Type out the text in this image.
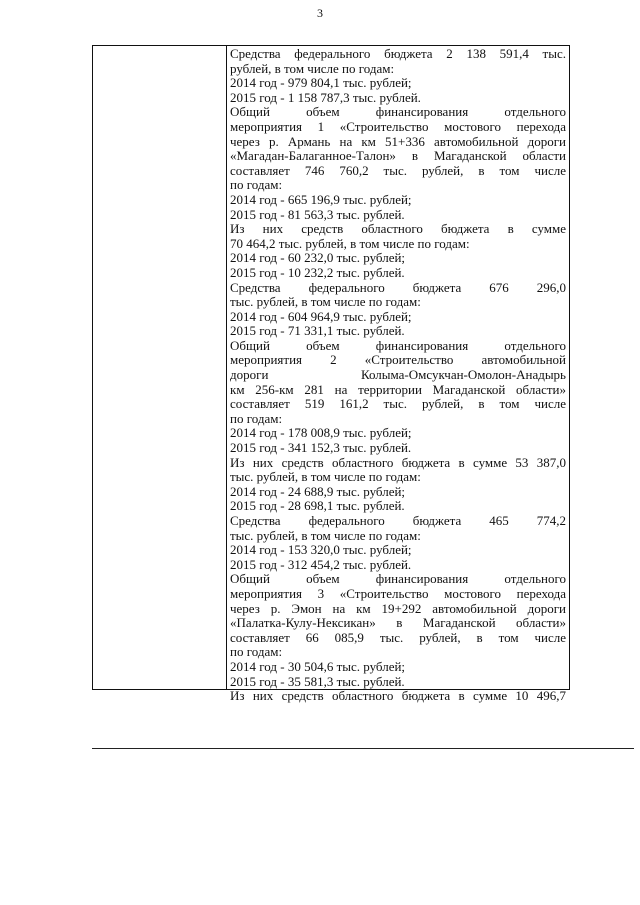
3
Средства федерального бюджета 2 138 591,4 тыс.
рублей, в том числе по годам:
2014 год - 979 804,1 тыс. рублей;
2015 год - 1 158 787,3 тыс. рублей.
Общий объем финансирования отдельного
мероприятия 1 «Строительство мостового перехода
через р. Армань на км 51+336 автомобильной дороги
«Магадан-Балаганное-Талон» в Магаданской области
составляет 746 760,2 тыс. рублей, в том числе
по годам:
2014 год - 665 196,9 тыс. рублей;
2015 год - 81 563,3 тыс. рублей.
Из них средств областного бюджета в сумме
70 464,2 тыс. рублей, в том числе по годам:
2014 год - 60 232,0 тыс. рублей;
2015 год - 10 232,2 тыс. рублей.
Средства федерального бюджета 676 296,0
тыс. рублей, в том числе по годам:
2014 год - 604 964,9 тыс. рублей;
2015 год - 71 331,1 тыс. рублей.
Общий объем финансирования отдельного
мероприятия 2 «Строительство автомобильной
дороги Колыма-Омсукчан-Омолон-Анадырь
км 256-км 281 на территории Магаданской области»
составляет 519 161,2 тыс. рублей, в том числе
по годам:
2014 год - 178 008,9 тыс. рублей;
2015 год - 341 152,3 тыс. рублей.
Из них средств областного бюджета в сумме 53 387,0
тыс. рублей, в том числе по годам:
2014 год - 24 688,9 тыс. рублей;
2015 год - 28 698,1 тыс. рублей.
Средства федерального бюджета 465 774,2
тыс. рублей, в том числе по годам:
2014 год - 153 320,0 тыс. рублей;
2015 год - 312 454,2 тыс. рублей.
Общий объем финансирования отдельного
мероприятия 3 «Строительство мостового перехода
через р. Эмон на км 19+292 автомобильной дороги
«Палатка-Кулу-Нексикан» в Магаданской области»
составляет 66 085,9 тыс. рублей, в том числе
по годам:
2014 год - 30 504,6 тыс. рублей;
2015 год - 35 581,3 тыс. рублей.
Из них средств областного бюджета в сумме 10 496,7
